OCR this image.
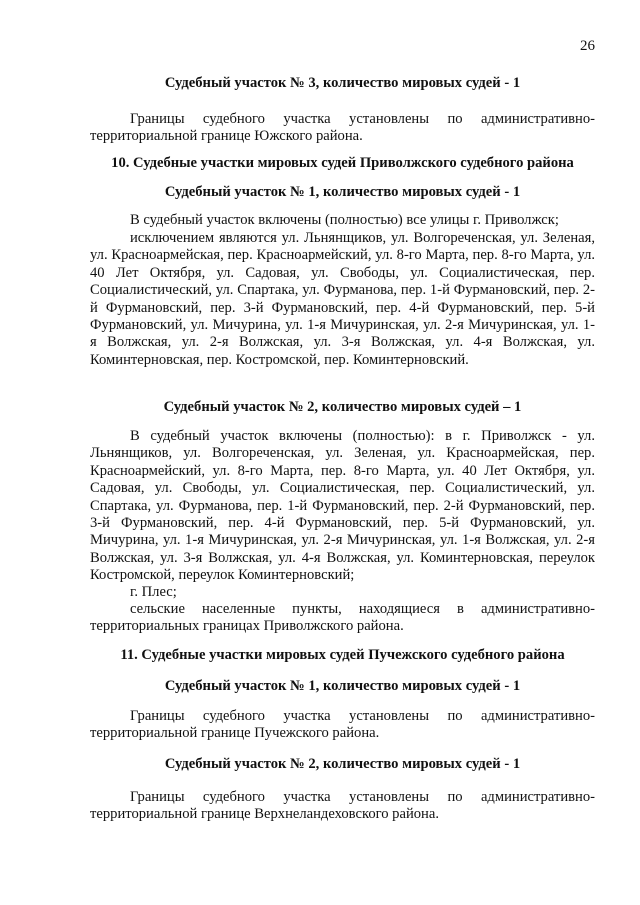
26

Судебный участок № 3, количество мировых судей - 1

Границы судебного участка установлены по административно-территориальной границе Южского района.

10. Судебные участки мировых судей Приволжского судебного района

Судебный участок № 1, количество мировых судей - 1

В судебный участок включены (полностью) все улицы г. Приволжск;

исключением являются ул. Льнянщиков, ул. Волгореченская, ул. Зеленая, ул. Красноармейская, пер. Красноармейский, ул. 8-го Марта, пер. 8-го Марта, ул. 40 Лет Октября, ул. Садовая, ул. Свободы, ул. Социалистическая, пер. Социалистический, ул. Спартака, ул. Фурманова, пер. 1-й Фурмановский, пер. 2-й Фурмановский, пер. 3-й Фурмановский, пер. 4-й Фурмановский, пер. 5-й Фурмановский, ул. Мичурина, ул. 1-я Мичуринская, ул. 2-я Мичуринская, ул. 1-я Волжская, ул. 2-я Волжская, ул. 3-я Волжская, ул. 4-я Волжская, ул. Коминтерновская, пер. Костромской, пер. Коминтерновский.

Судебный участок № 2, количество мировых судей – 1

В судебный участок включены (полностью): в г. Приволжск - ул. Льнянщиков, ул. Волгореченская, ул. Зеленая, ул. Красноармейская, пер. Красноармейский, ул. 8-го Марта, пер. 8-го Марта, ул. 40 Лет Октября, ул. Садовая, ул. Свободы, ул. Социалистическая, пер. Социалистический, ул. Спартака, ул. Фурманова, пер. 1-й Фурмановский, пер. 2-й Фурмановский, пер. 3-й Фурмановский, пер. 4-й Фурмановский, пер. 5-й Фурмановский, ул. Мичурина, ул. 1-я Мичуринская, ул. 2-я Мичуринская, ул. 1-я Волжская, ул. 2-я Волжская, ул. 3-я Волжская, ул. 4-я Волжская, ул. Коминтерновская, переулок Костромской, переулок Коминтерновский;

г. Плес;

сельские населенные пункты, находящиеся в административно-территориальных границах Приволжского района.

11. Судебные участки мировых судей Пучежского судебного района

Судебный участок № 1, количество мировых судей - 1

Границы судебного участка установлены по административно-территориальной границе Пучежского района.

Судебный участок № 2, количество мировых судей - 1

Границы судебного участка установлены по административно-территориальной границе Верхнеландеховского района.
